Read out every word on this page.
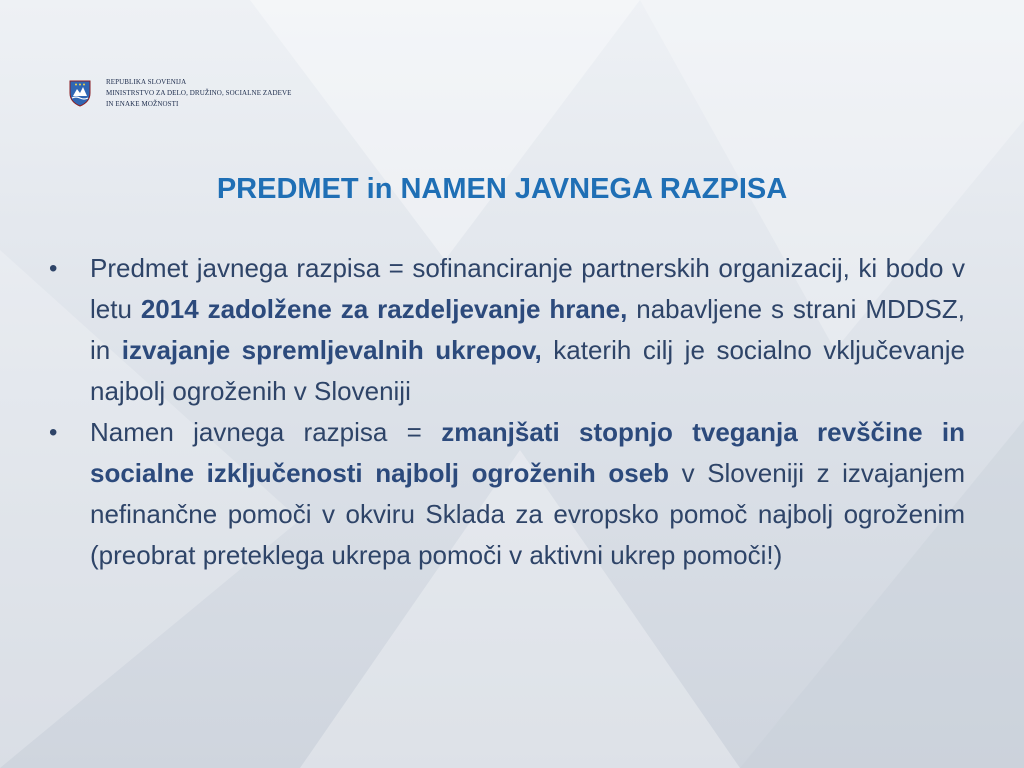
REPUBLIKA SLOVENIJA
MINISTRSTVO ZA DELO, DRUŽINO, SOCIALNE ZADEVE
IN ENAKE MOŽNOSTI
PREDMET in NAMEN JAVNEGA RAZPISA
• Predmet javnega razpisa = sofinanciranje partnerskih organizacij, ki bodo v letu 2014 zadolžene za razdeljevanje hrane, nabavljene s strani MDDSZ, in izvajanje spremljevalnih ukrepov, katerih cilj je socialno vključevanje najbolj ogroženih v Sloveniji
• Namen javnega razpisa = zmanjšati stopnjo tveganja revščine in socialne izključenosti najbolj ogroženih oseb v Sloveniji z izvajanjem nefinančne pomoči v okviru Sklada za evropsko pomoč najbolj ogroženim (preobrat preteklega ukrepa pomoči v aktivni ukrep pomoči!)
